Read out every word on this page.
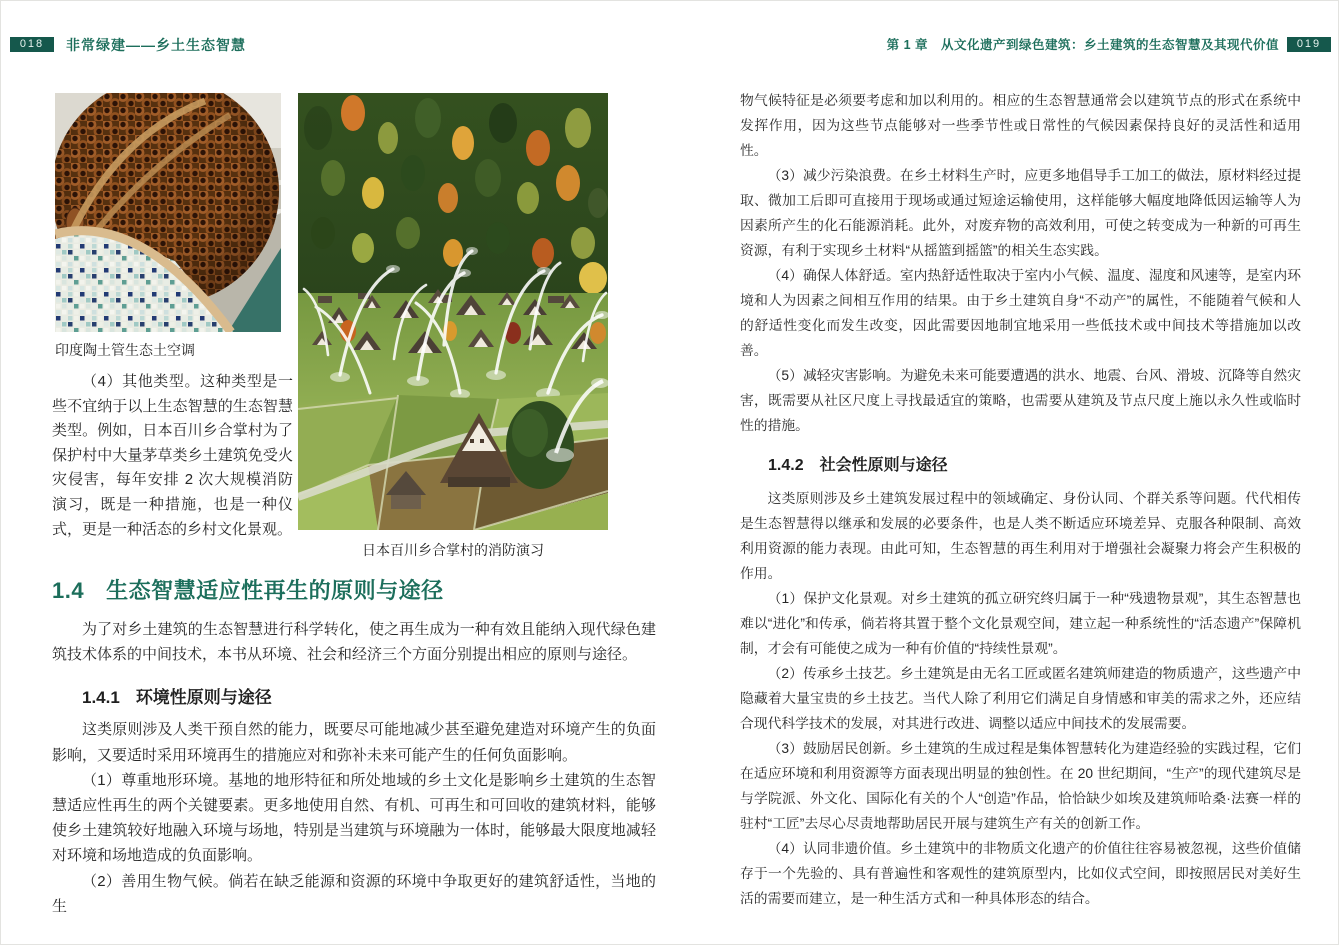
018	非常绿建——乡土生态智慧
印度陶土管生态土空调

（4）其他类型。这种类型是一些不宜纳于以上生态智慧的生态智慧类型。例如，日本百川乡合掌村为了保护村中大量茅草类乡土建筑免受火灾侵害，每年安排 2 次大规模消防演习，既是一种措施，也是一种仪式，更是一种活态的乡村文化景观。

日本百川乡合掌村的消防演习
1.4 生态智慧适应性再生的原则与途径

为了对乡土建筑的生态智慧进行科学转化，使之再生成为一种有效且能纳入现代绿色建筑技术体系的中间技术，本书从环境、社会和经济三个方面分别提出相应的原则与途径。

1.4.1 环境性原则与途径

这类原则涉及人类干预自然的能力，既要尽可能地减少甚至避免建造对环境产生的负面影响，又要适时采用环境再生的措施应对和弥补未来可能产生的任何负面影响。

（1）尊重地形环境。基地的地形特征和所处地域的乡土文化是影响乡土建筑的生态智慧适应性再生的两个关键要素。更多地使用自然、有机、可再生和可回收的建筑材料，能够使乡土建筑较好地融入环境与场地，特别是当建筑与环境融为一体时，能够最大限度地减轻对环境和场地造成的负面影响。

（2）善用生物气候。倘若在缺乏能源和资源的环境中争取更好的建筑舒适性，当地的生

第 1 章　从文化遗产到绿色建筑：乡土建筑的生态智慧及其现代价值	019

物气候特征是必须要考虑和加以利用的。相应的生态智慧通常会以建筑节点的形式在系统中发挥作用，因为这些节点能够对一些季节性或日常性的气候因素保持良好的灵活性和适用性。

（3）减少污染浪费。在乡土材料生产时，应更多地倡导手工加工的做法，原材料经过提取、微加工后即可直接用于现场或通过短途运输使用，这样能够大幅度地降低因运输等人为因素所产生的化石能源消耗。此外，对废弃物的高效利用，可使之转变成为一种新的可再生资源，有利于实现乡土材料“从摇篮到摇篮”的相关生态实践。

（4）确保人体舒适。室内热舒适性取决于室内小气候、温度、湿度和风速等，是室内环境和人为因素之间相互作用的结果。由于乡土建筑自身“不动产”的属性，不能随着气候和人的舒适性变化而发生改变，因此需要因地制宜地采用一些低技术或中间技术等措施加以改善。

（5）减轻灾害影响。为避免未来可能要遭遇的洪水、地震、台风、滑坡、沉降等自然灾害，既需要从社区尺度上寻找最适宜的策略，也需要从建筑及节点尺度上施以永久性或临时性的措施。

1.4.2 社会性原则与途径

这类原则涉及乡土建筑发展过程中的领域确定、身份认同、个群关系等问题。代代相传是生态智慧得以继承和发展的必要条件，也是人类不断适应环境差异、克服各种限制、高效利用资源的能力表现。由此可知，生态智慧的再生利用对于增强社会凝聚力将会产生积极的作用。

（1）保护文化景观。对乡土建筑的孤立研究终归属于一种“残遗物景观”，其生态智慧也难以“进化”和传承，倘若将其置于整个文化景观空间，建立起一种系统性的“活态遗产”保障机制，才会有可能使之成为一种有价值的“持续性景观”。

（2）传承乡土技艺。乡土建筑是由无名工匠或匿名建筑师建造的物质遗产，这些遗产中隐藏着大量宝贵的乡土技艺。当代人除了利用它们满足自身情感和审美的需求之外，还应结合现代科学技术的发展，对其进行改进、调整以适应中间技术的发展需要。

（3）鼓励居民创新。乡土建筑的生成过程是集体智慧转化为建造经验的实践过程，它们在适应环境和利用资源等方面表现出明显的独创性。在 20 世纪期间，“生产”的现代建筑尽是与学院派、外文化、国际化有关的个人“创造”作品，恰恰缺少如埃及建筑师哈桑·法赛一样的驻村“工匠”去尽心尽责地帮助居民开展与建筑生产有关的创新工作。

（4）认同非遗价值。乡土建筑中的非物质文化遗产的价值往往容易被忽视，这些价值储存于一个先验的、具有普遍性和客观性的建筑原型内，比如仪式空间，即按照居民对美好生活的需要而建立，是一种生活方式和一种具体形态的结合。
